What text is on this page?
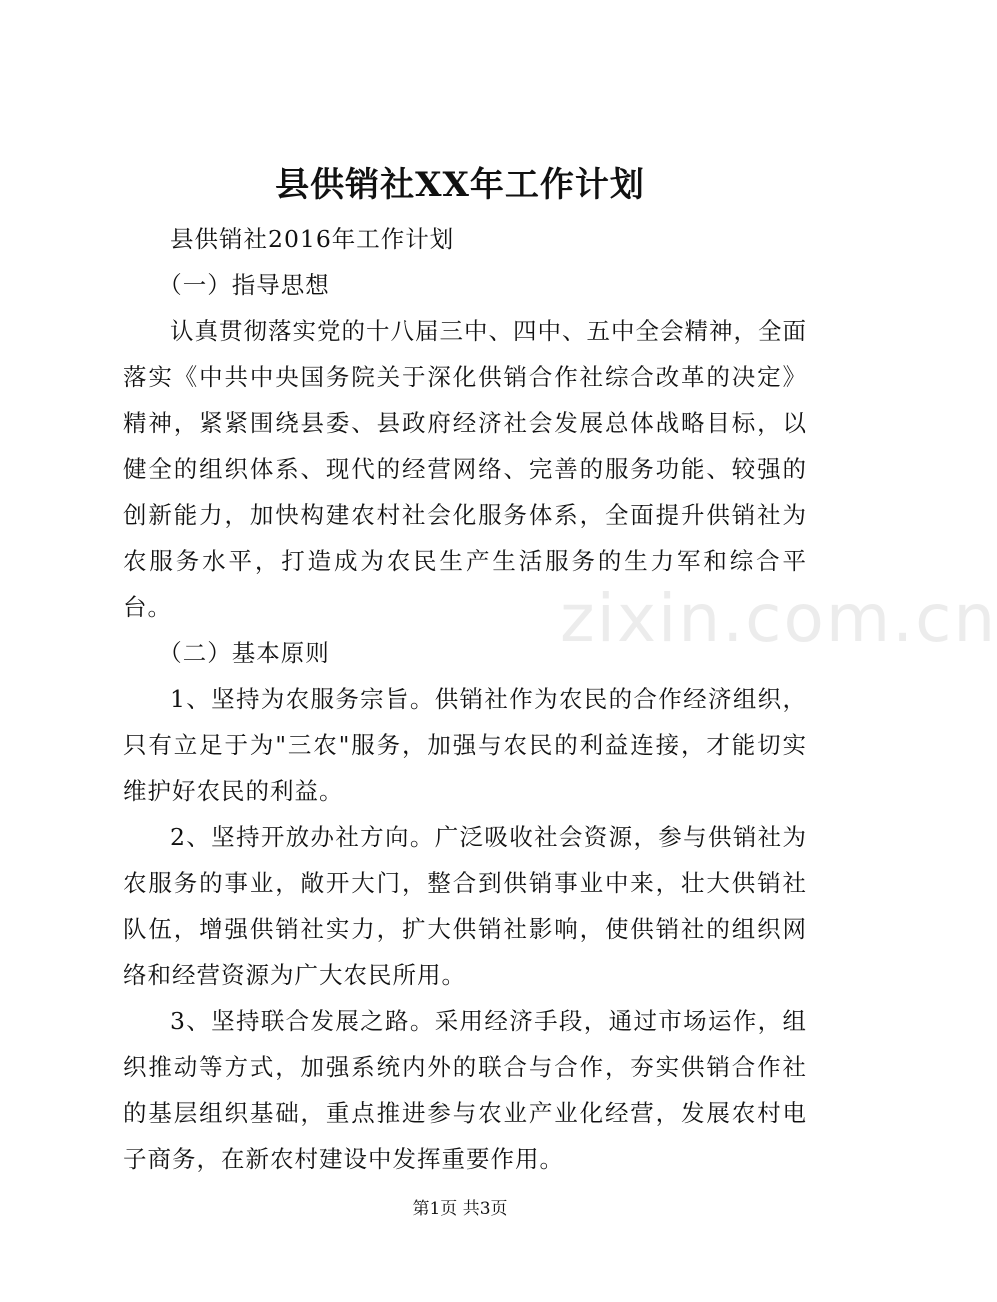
zixin.com.cn
县供销社XX年工作计划

县供销社2016年工作计划

（一）指导思想

认真贯彻落实党的十八届三中、四中、五中全会精神，全面落实《中共中央国务院关于深化供销合作社综合改革的决定》精神，紧紧围绕县委、县政府经济社会发展总体战略目标，以健全的组织体系、现代的经营网络、完善的服务功能、较强的创新能力，加快构建农村社会化服务体系，全面提升供销社为农服务水平，打造成为农民生产生活服务的生力军和综合平台。

（二）基本原则

1、坚持为农服务宗旨。供销社作为农民的合作经济组织，只有立足于为"三农"服务，加强与农民的利益连接，才能切实维护好农民的利益。

2、坚持开放办社方向。广泛吸收社会资源，参与供销社为农服务的事业，敞开大门，整合到供销事业中来，壮大供销社队伍，增强供销社实力，扩大供销社影响，使供销社的组织网络和经营资源为广大农民所用。

3、坚持联合发展之路。采用经济手段，通过市场运作，组织推动等方式，加强系统内外的联合与合作，夯实供销合作社的基层组织基础，重点推进参与农业产业化经营，发展农村电子商务，在新农村建设中发挥重要作用。

第1页 共3页
